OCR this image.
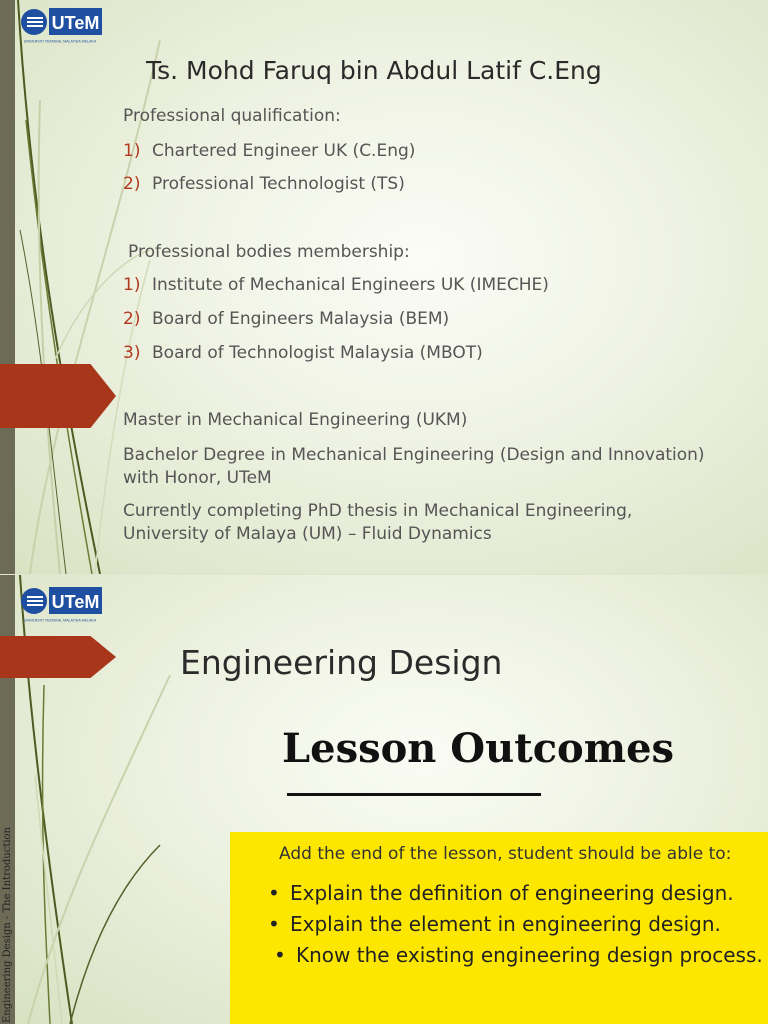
UTeM
UNIVERSITI TEKNIKAL MALAYSIA MELAKA
Ts. Mohd Faruq bin Abdul Latif C.Eng
Professional qualification:
1) Chartered Engineer UK (C.Eng)
2) Professional Technologist (TS)
Professional bodies membership:
1) Institute of Mechanical Engineers UK (IMECHE)
2) Board of Engineers Malaysia (BEM)
3) Board of Technologist Malaysia (MBOT)
Master in Mechanical Engineering (UKM)
Bachelor Degree in Mechanical Engineering (Design and Innovation) with Honor, UTeM
Currently completing PhD thesis in Mechanical Engineering, University of Malaya (UM) – Fluid Dynamics
UTeM
UNIVERSITI TEKNIKAL MALAYSIA MELAKA
Engineering Design
Lesson Outcomes
Add the end of the lesson, student should be able to:
• Explain the definition of engineering design.
• Explain the element in engineering design.
• Know the existing engineering design process.
Engineering Design - The Introduction
